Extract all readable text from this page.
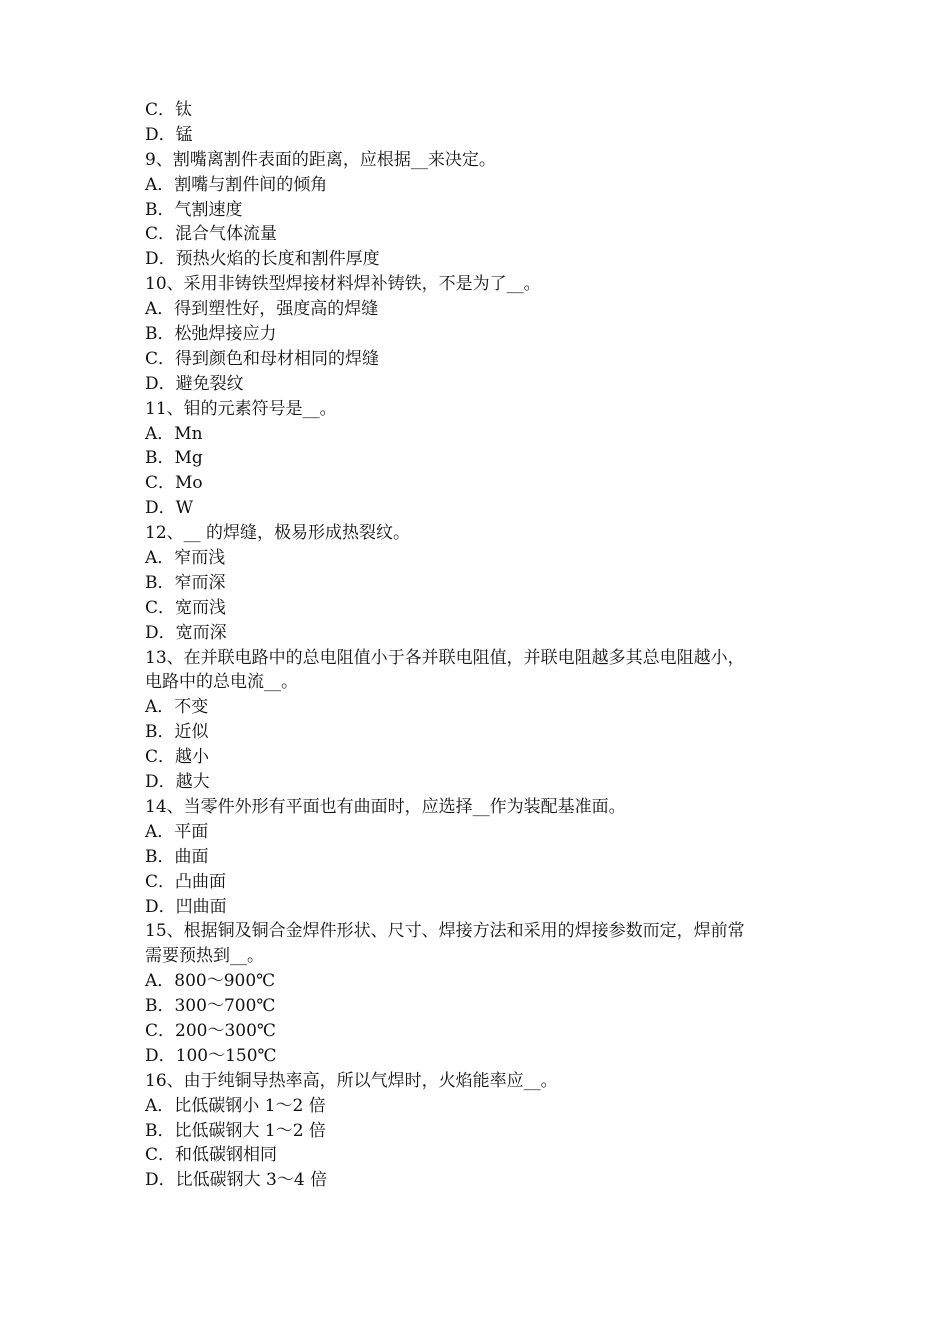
C．钛
D．锰
9、割嘴离割件表面的距离，应根据__来决定。
A．割嘴与割件间的倾角
B．气割速度
C．混合气体流量
D．预热火焰的长度和割件厚度
10、采用非铸铁型焊接材料焊补铸铁，不是为了__。
A．得到塑性好，强度高的焊缝
B．松弛焊接应力
C．得到颜色和母材相同的焊缝
D．避免裂纹
11、钼的元素符号是__。
A．Mn
B．Mg
C．Mo
D．W
12、__ 的焊缝，极易形成热裂纹。
A．窄而浅
B．窄而深
C．宽而浅
D．宽而深
13、在并联电路中的总电阻值小于各并联电阻值，并联电阻越多其总电阻越小，
电路中的总电流__。
A．不变
B．近似
C．越小
D．越大
14、当零件外形有平面也有曲面时，应选择__作为装配基准面。
A．平面
B．曲面
C．凸曲面
D．凹曲面
15、根据铜及铜合金焊件形状、尺寸、焊接方法和采用的焊接参数而定，焊前常
需要预热到__。
A．800～900℃
B．300～700℃
C．200～300℃
D．100～150℃
16、由于纯铜导热率高，所以气焊时，火焰能率应__。
A．比低碳钢小 1～2 倍
B．比低碳钢大 1～2 倍
C．和低碳钢相同
D．比低碳钢大 3～4 倍
